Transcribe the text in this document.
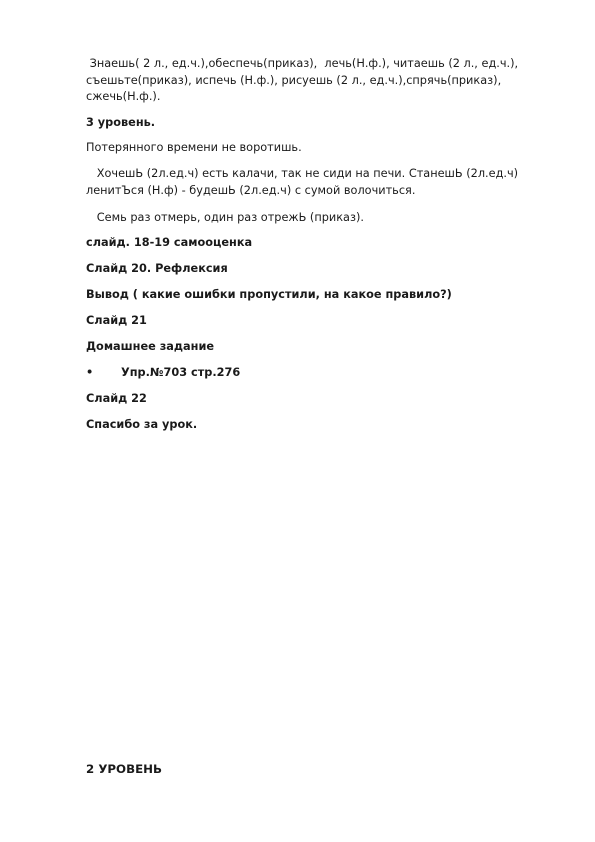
Знаешь( 2 л., ед.ч.),обеспечь(приказ),  лечь(Н.ф.), читаешь (2 л., ед.ч.),
съешьте(приказ), испечь (Н.ф.), рисуешь (2 л., ед.ч.),спрячь(приказ),
сжечь(Н.ф.).

3 уровень.

Потерянного времени не воротишь.

ХочешЬ (2л.ед.ч) есть калачи, так не сиди на печи. СтанешЬ (2л.ед.ч)
ленитЪся (Н.ф) - будешЬ (2л.ед.ч) с сумой волочиться.

Семь раз отмерь, один раз отрежЬ (приказ).

слайд. 18-19 самооценка

Слайд 20. Рефлексия

Вывод ( какие ошибки пропустили, на какое правило?)

Слайд 21

Домашнее задание

• Упр.№703 стр.276

Слайд 22

Спасибо за урок.

2 УРОВЕНЬ
